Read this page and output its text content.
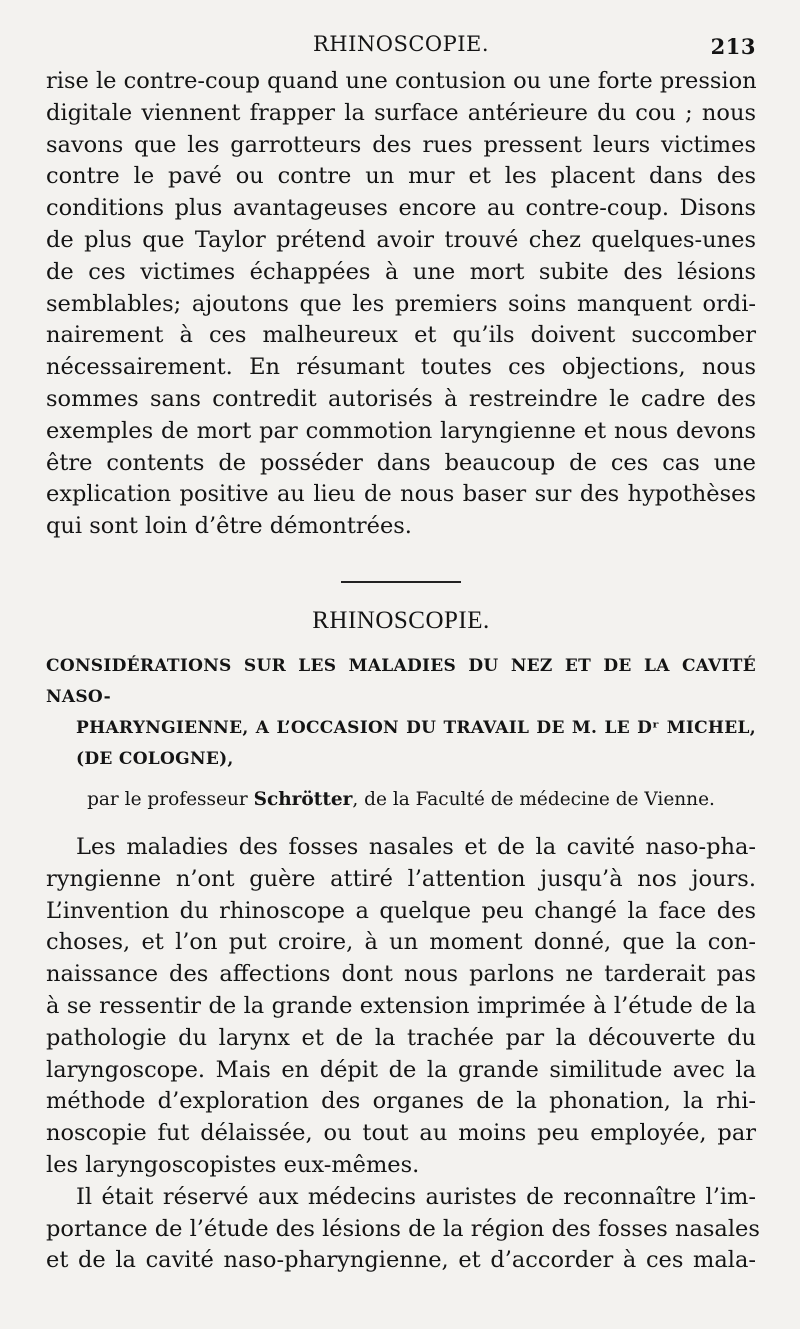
RHINOSCOPIE.	213

rise le contre-coup quand une contusion ou une forte pression
digitale viennent frapper la surface antérieure du cou ; nous
savons que les garrotteurs des rues pressent leurs victimes
contre le pavé ou contre un mur et les placent dans des
conditions plus avantageuses encore au contre-coup. Disons
de plus que Taylor prétend avoir trouvé chez quelques-unes
de ces victimes échappées à une mort subite des lésions
semblables; ajoutons que les premiers soins manquent ordi-
nairement à ces malheureux et qu’ils doivent succomber
nécessairement. En résumant toutes ces objections, nous
sommes sans contredit autorisés à restreindre le cadre des
exemples de mort par commotion laryngienne et nous devons
être contents de posséder dans beaucoup de ces cas une
explication positive au lieu de nous baser sur des hypothèses
qui sont loin d’être démontrées.

RHINOSCOPIE.
CONSIDÉRATIONS SUR LES MALADIES DU NEZ ET DE LA CAVITÉ NASO-
PHARYNGIENNE, A L’OCCASION DU TRAVAIL DE M. LE Dʳ MICHEL,
(DE COLOGNE),
par le professeur Schrötter, de la Faculté de médecine de Vienne.

Les maladies des fosses nasales et de la cavité naso-pha-
ryngienne n’ont guère attiré l’attention jusqu’à nos jours.
L’invention du rhinoscope a quelque peu changé la face des
choses, et l’on put croire, à un moment donné, que la con-
naissance des affections dont nous parlons ne tarderait pas
à se ressentir de la grande extension imprimée à l’étude de la
pathologie du larynx et de la trachée par la découverte du
laryngoscope. Mais en dépit de la grande similitude avec la
méthode d’exploration des organes de la phonation, la rhi-
noscopie fut délaissée, ou tout au moins peu employée, par
les laryngoscopistes eux-mêmes.

Il était réservé aux médecins auristes de reconnaître l’im-
portance de l’étude des lésions de la région des fosses nasales
et de la cavité naso-pharyngienne, et d’accorder à ces mala-
